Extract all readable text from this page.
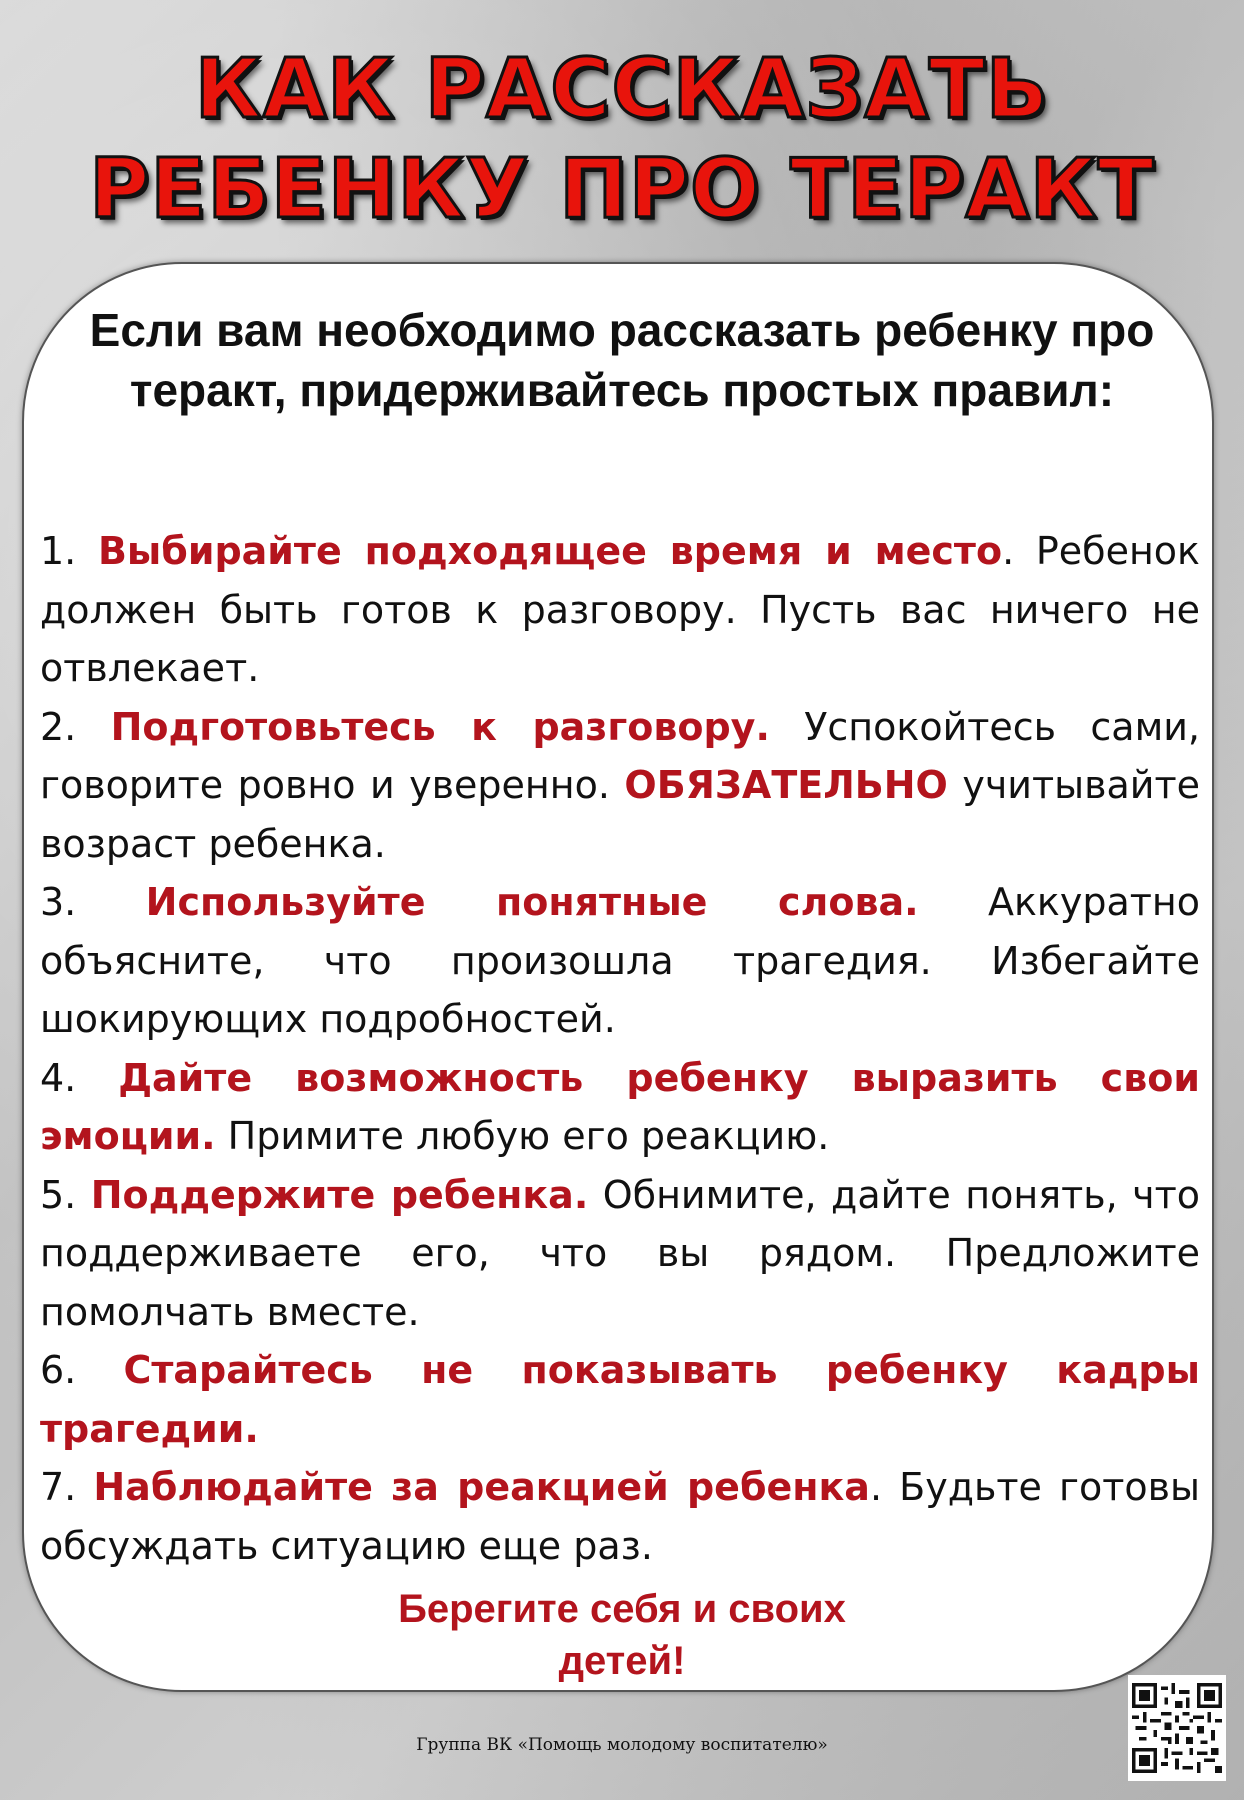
КАК РАССКАЗАТЬ
РЕБЕНКУ ПРО ТЕРАКТ

Если вам необходимо рассказать ребенку про теракт, придерживайтесь простых правил:

1. Выбирайте подходящее время и место. Ребенок должен быть готов к разговору. Пусть вас ничего не отвлекает.
2. Подготовьтесь к разговору. Успокойтесь сами, говорите ровно и уверенно. ОБЯЗАТЕЛЬНО учитывайте возраст ребенка.
3. Используйте понятные слова. Аккуратно объясните, что произошла трагедия. Избегайте шокирующих подробностей.
4. Дайте возможность ребенку выразить свои эмоции. Примите любую его реакцию.
5. Поддержите ребенка. Обнимите, дайте понять, что поддерживаете его, что вы рядом. Предложите помолчать вместе.
6. Старайтесь не показывать ребенку кадры трагедии.
7. Наблюдайте за реакцией ребенка. Будьте готовы обсуждать ситуацию еще раз.

Берегите себя и своих
детей!

Группа ВК «Помощь молодому воспитателю»
